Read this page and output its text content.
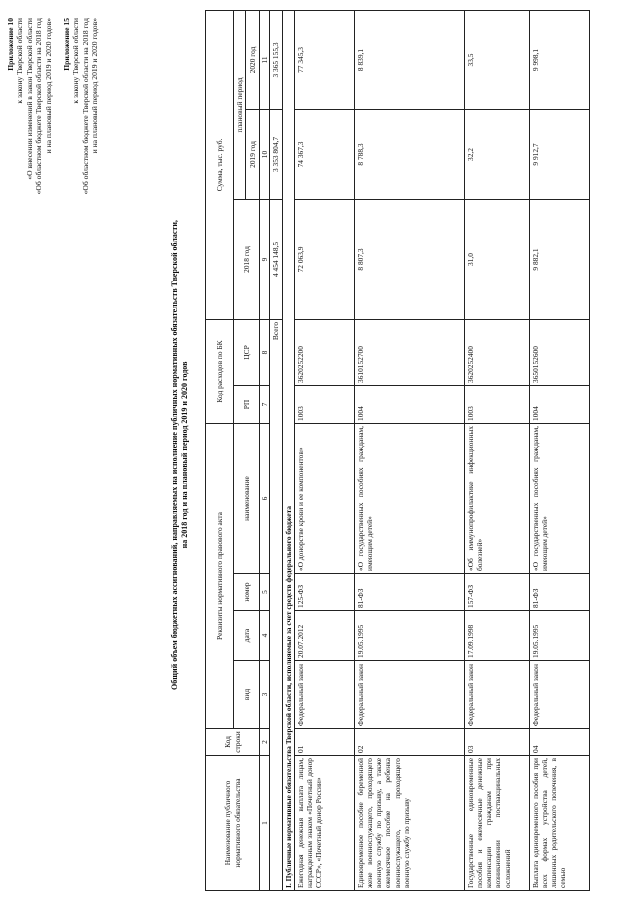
Приложение 10 к закону Тверской области «О внесении изменений в закон Тверской области «Об областном бюджете Тверской области на 2018 год и на плановый период 2019 и 2020 годов» Приложение 15 к закону Тверской области «Об областном бюджете Тверской области на 2018 год и на плановый период 2019 и 2020 годов»
Общий объем бюджетных ассигнований, направляемых на исполнение публичных нормативных обязательств Тверской области, на 2018 год и на плановый период 2019 и 2020 годов
Наименование публичного нормативного обязательства	Код строки	Реквизиты нормативного правового акта				Код расходов по БК		Сумма, тыс. руб.		
		вид	дата	номер	наименование	РП	ЦСР	2018 год	плановый период	
									2019 год	2020 год
1	2	3	4	5	6	7	8	9	10	11
Всего								4 454 148,5	3 353 804,7	3 365 155,3
I. Публичные нормативные обязательства Тверской области, исполняемые за счет средств федерального бюджета										
Ежегодная денежная выплата лицам, награжденным знаком «Почетный донор СССР», «Почетный донор России»	01	Федеральный закон	20.07.2012	125-ФЗ	«О донорстве крови и ее компонентов»	1003	3620252200	72 063,9	74 367,3	77 345,3
Единовременное пособие беременной жене военнослужащего, проходящего военную службу по призыву, а также ежемесячное пособие на ребенка военнослужащего, проходящего военную службу по призыву	02	Федеральный закон	19.05.1995	81-ФЗ	«О государственных пособиях гражданам, имеющим детей»	1004	3610152700	8 807,3	8 788,3	8 839,1
Государственные единовременные пособия и ежемесячные денежные компенсации гражданам при возникновении поствакцинальных осложнений	03	Федеральный закон	17.09.1998	157-ФЗ	«Об иммунопрофилактике инфекционных болезней»	1003	3620252400	31,0	32,2	33,5
Выплата единовременного пособия при всех формах устройства детей, лишенных родительского попечения, в семью	04	Федеральный закон	19.05.1995	81-ФЗ	«О государственных пособиях гражданам, имеющим детей»	1004	3650152600	9 882,1	9 912,7	9 998,1
